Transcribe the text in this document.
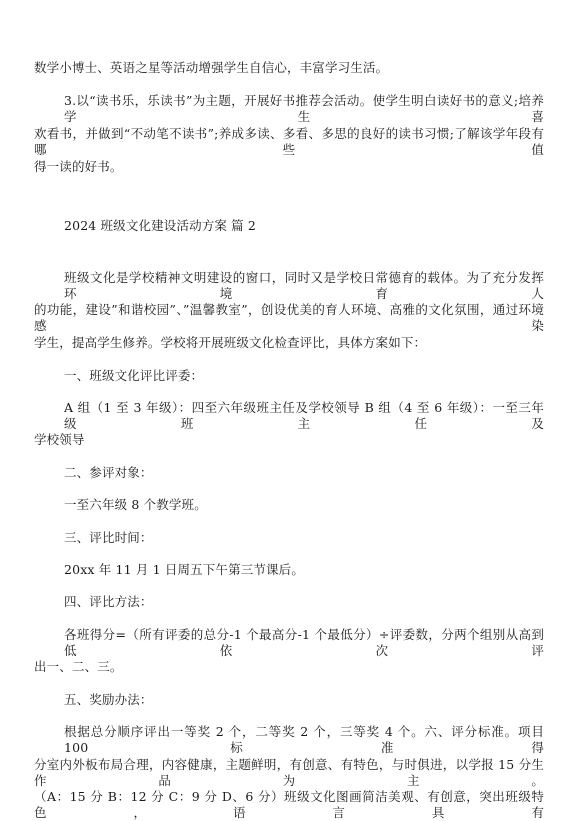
数学小博士、英语之星等活动增强学生自信心，丰富学习生活。
3.以“读书乐，乐读书”为主题，开展好书推荐会活动。使学生明白读好书的意义;培养学生喜
欢看书，并做到“不动笔不读书”;养成多读、多看、多思的良好的读书习惯;了解该学年段有哪些值
得一读的好书。
2024 班级文化建设活动方案 篇 2
班级文化是学校精神文明建设的窗口，同时又是学校日常德育的载体。为了充分发挥环境育人
的功能，建设”和谐校园”、”温馨教室”，创设优美的育人环境、高雅的文化氛围，通过环境感染
学生，提高学生修养。学校将开展班级文化检查评比，具体方案如下：
一、班级文化评比评委：
A 组（1 至 3 年级）：四至六年级班主任及学校领导 B 组（4 至 6 年级）：一至三年级班主任及
学校领导
二、参评对象：
一至六年级 8 个教学班。
三、评比时间：
20xx 年 11 月 1 日周五下午第三节课后。
四、评比方法：
各班得分=（所有评委的总分-1 个最高分-1 个最低分）÷评委数，分两个组别从高到低依次评
出一、二、三。
五、奖励办法：
根据总分顺序评出一等奖 2 个，二等奖 2 个，三等奖 4 个。六、评分标准。项目 100 标准得
分室内外板布局合理，内容健康，主题鲜明，有创意、有特色，与时俱进，以学报 15 分生作品为主。
（A：15 分 B：12 分 C：9 分 D、6 分）班级文化图画简洁美观、有创意，突出班级特色，语言具有
